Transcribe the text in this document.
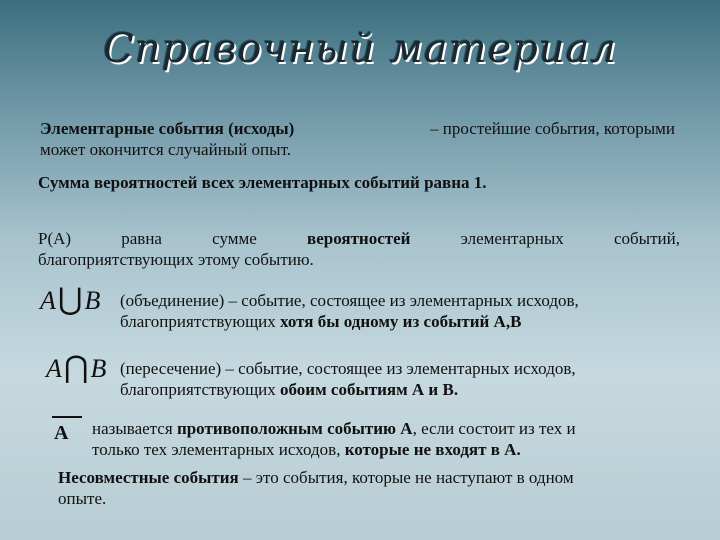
Справочный материал
Элементарные события (исходы)	– простейшие события, которыми
может окончится случайный опыт.
Сумма вероятностей всех элементарных событий равна 1.
P(A)	равна	сумме	вероятностей	элементарных	событий,
благоприятствующих этому событию.
A⋃B (объединение) – событие, состоящее из элементарных исходов,
благоприятствующих хотя бы одному из событий А,В
A⋂B (пересечение) – событие, состоящее из элементарных исходов,
благоприятствующих обоим событиям А и В.
A называется противоположным событию А, если состоит из тех и
только тех элементарных исходов, которые не входят в А.
Несовместные события – это события, которые не наступают в одном
опыте.
